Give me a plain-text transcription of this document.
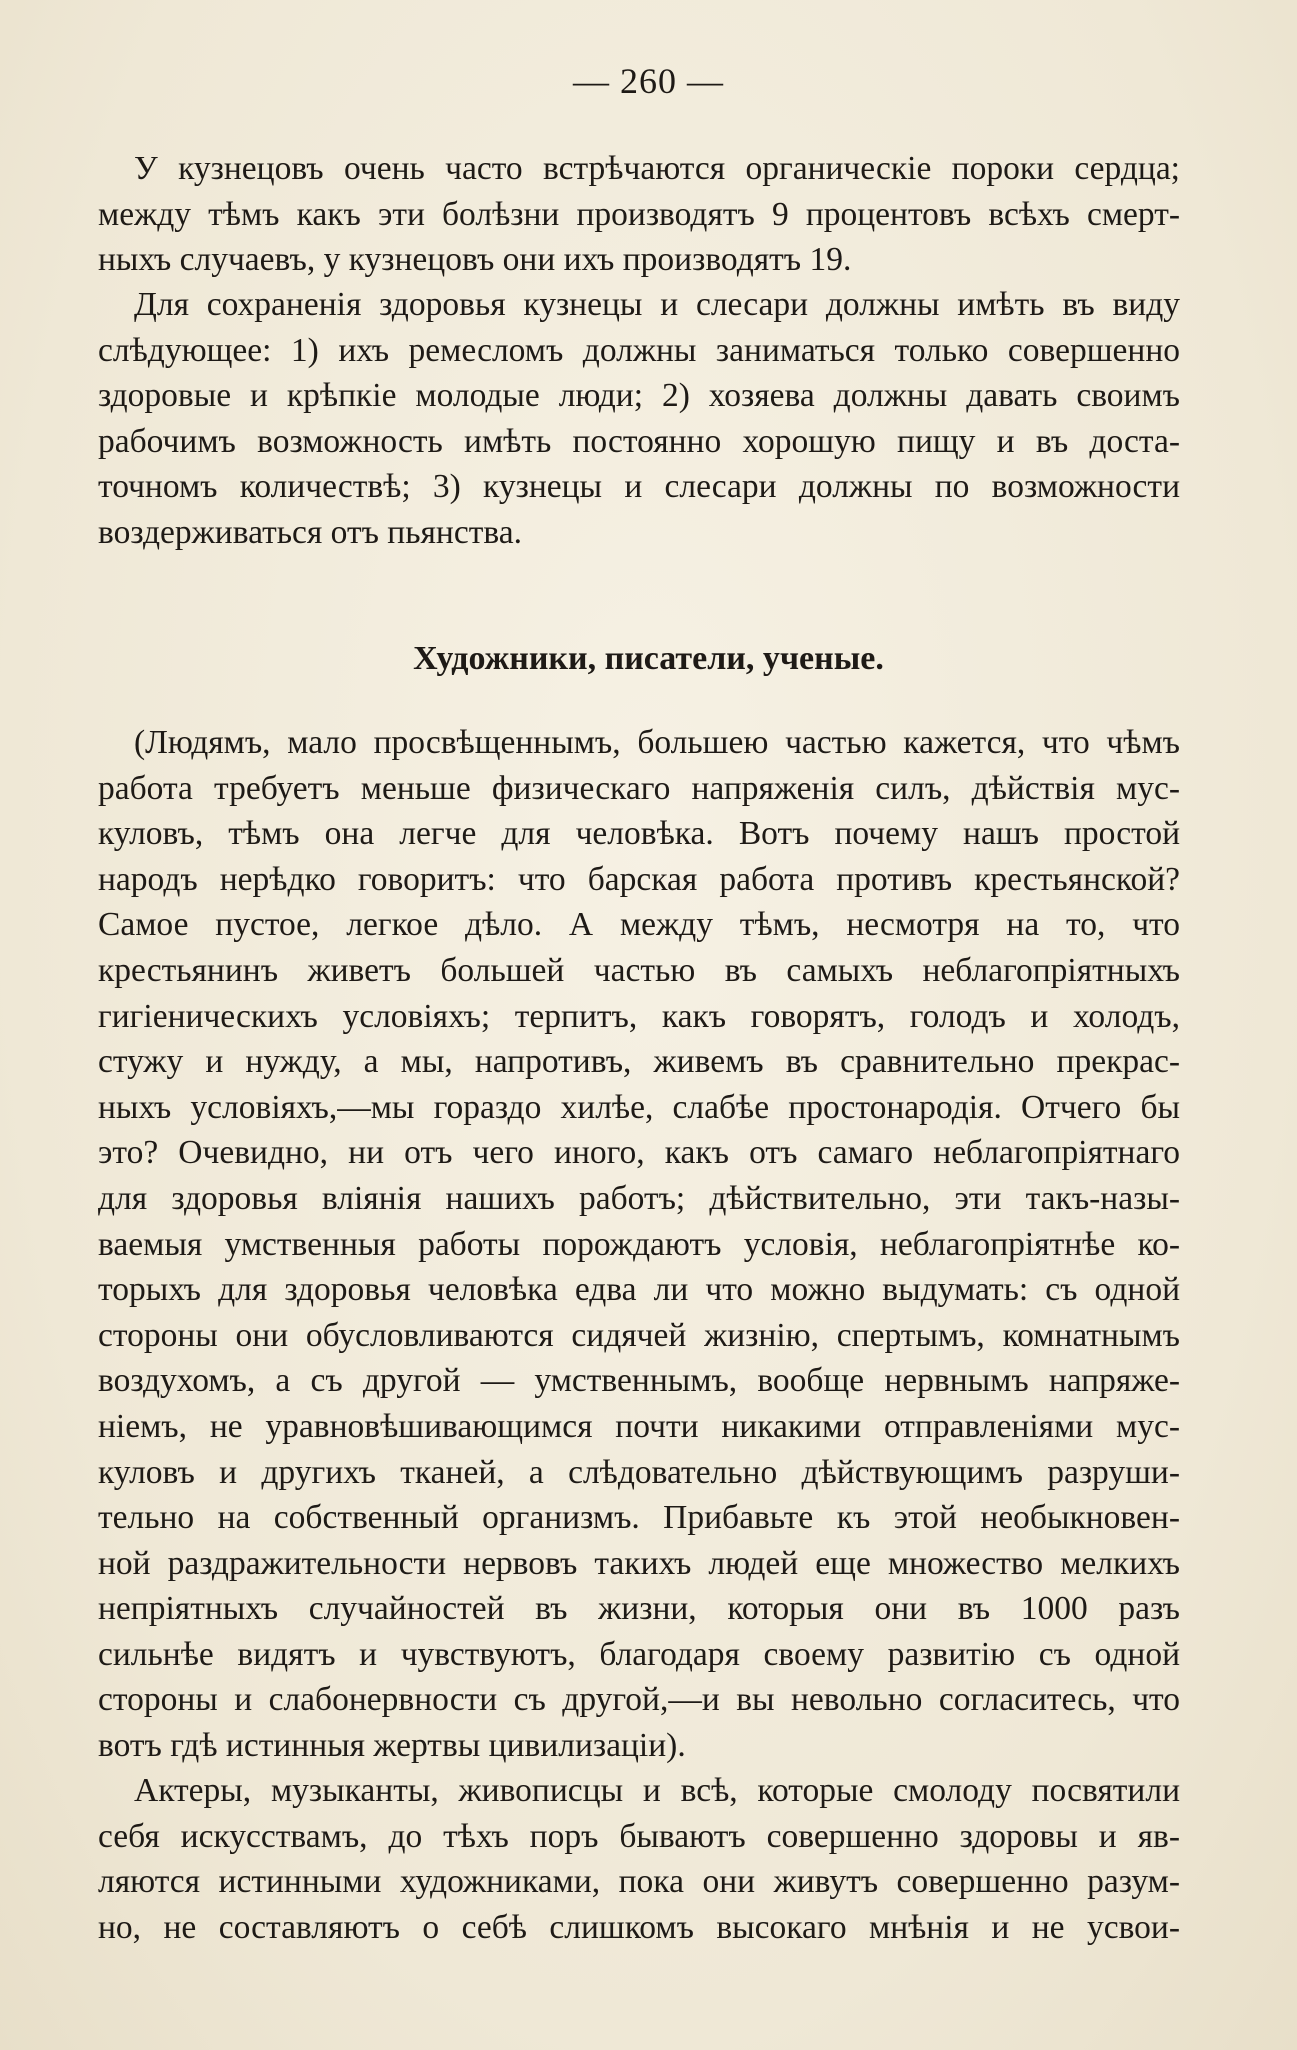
— 260 —
У кузнецовъ очень часто встрѣчаются органическіе пороки сердца;
между тѣмъ какъ эти болѣзни производятъ 9 процентовъ всѣхъ смерт-
ныхъ случаевъ, у кузнецовъ они ихъ производятъ 19.
Для сохраненія здоровья кузнецы и слесари должны имѣть въ виду
слѣдующее: 1) ихъ ремесломъ должны заниматься только совершенно
здоровые и крѣпкіе молодые люди; 2) хозяева должны давать своимъ
рабочимъ возможность имѣть постоянно хорошую пищу и въ доста-
точномъ количествѣ; 3) кузнецы и слесари должны по возможности
воздерживаться отъ пьянства.
Художники, писатели, ученые.
(Людямъ, мало просвѣщеннымъ, большею частью кажется, что чѣмъ
работа требуетъ меньше физическаго напряженія силъ, дѣйствія мус-
куловъ, тѣмъ она легче для человѣка. Вотъ почему нашъ простой
народъ нерѣдко говоритъ: что барская работа противъ крестьянской?
Самое пустое, легкое дѣло. А между тѣмъ, несмотря на то, что
крестьянинъ живетъ большей частью въ самыхъ неблагопріятныхъ
гигіеническихъ условіяхъ; терпитъ, какъ говорятъ, голодъ и холодъ,
стужу и нужду, а мы, напротивъ, живемъ въ сравнительно прекрас-
ныхъ условіяхъ,—мы гораздо хилѣе, слабѣе простонародія. Отчего бы
это? Очевидно, ни отъ чего иного, какъ отъ самаго неблагопріятнаго
для здоровья вліянія нашихъ работъ; дѣйствительно, эти такъ-назы-
ваемыя умственныя работы порождаютъ условія, неблагопріятнѣе ко-
торыхъ для здоровья человѣка едва ли что можно выдумать: съ одной
стороны они обусловливаются сидячей жизнію, спертымъ, комнатнымъ
воздухомъ, а съ другой — умственнымъ, вообще нервнымъ напряже-
ніемъ, не уравновѣшивающимся почти никакими отправленіями мус-
куловъ и другихъ тканей, а слѣдовательно дѣйствующимъ разруши-
тельно на собственный организмъ. Прибавьте къ этой необыкновен-
ной раздражительности нервовъ такихъ людей еще множество мелкихъ
непріятныхъ случайностей въ жизни, которыя они въ 1000 разъ
сильнѣе видятъ и чувствуютъ, благодаря своему развитію съ одной
стороны и слабонервности съ другой,—и вы невольно согласитесь, что
вотъ гдѣ истинныя жертвы цивилизаціи).
Актеры, музыканты, живописцы и всѣ, которые смолоду посвятили
себя искусствамъ, до тѣхъ поръ бываютъ совершенно здоровы и яв-
ляются истинными художниками, пока они живутъ совершенно разум-
но, не составляютъ о себѣ слишкомъ высокаго мнѣнія и не усвои-
